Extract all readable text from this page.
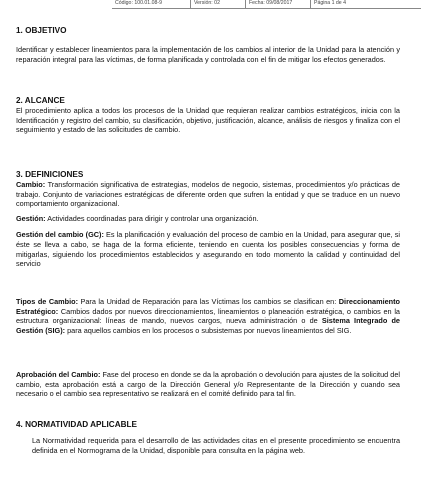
Código: 100.01.08-9	Versión: 02	Fecha: 09/08/2017	Página 1 de 4

1. OBJETIVO

Identificar y establecer lineamientos para la implementación de los cambios al interior de la Unidad para la atención y reparación integral para las víctimas, de forma planificada y controlada con el fin de mitigar los efectos generados.

2. ALCANCE

El procedimiento aplica a todos los procesos de la Unidad que requieran realizar cambios estratégicos, inicia con la Identificación y registro del cambio, su clasificación, objetivo, justificación, alcance, análisis de riesgos y finaliza con el seguimiento y estado de las solicitudes de cambio.

3. DEFINICIONES

Cambio: Transformación significativa de estrategias, modelos de negocio, sistemas, procedimientos y/o prácticas de trabajo. Conjunto de variaciones estratégicas de diferente orden que sufren la entidad y que se traduce en un nuevo comportamiento organizacional.

Gestión: Actividades coordinadas para dirigir y controlar una organización.

Gestión del cambio (GC): Es la planificación y evaluación del proceso de cambio en la Unidad, para asegurar que, si éste se lleva a cabo, se haga de la forma eficiente, teniendo en cuenta los posibles consecuencias y forma de mitigarlas, siguiendo los procedimientos establecidos y asegurando en todo momento la calidad y continuidad del servicio

Tipos de Cambio: Para la Unidad de Reparación para las Víctimas los cambios se clasifican en: Direccionamiento Estratégico: Cambios dados por nuevos direccionamientos, lineamientos o planeación estratégica, o cambios en la estructura organizacional: líneas de mando, nuevos cargos, nueva administración o de Sistema Integrado de Gestión (SIG): para aquellos cambios en los procesos o subsistemas por nuevos lineamientos del SIG.

Aprobación del Cambio: Fase del proceso en donde se da la aprobación o devolución para ajustes de la solicitud del cambio, esta aprobación está a cargo de la Dirección General y/o Representante de la Dirección y cuando sea necesario o el cambio sea representativo se realizará en el comité definido para tal fin.

4. NORMATIVIDAD APLICABLE

La Normatividad requerida para el desarrollo de las actividades citas en el presente procedimiento se encuentra definida en el Normograma de la Unidad, disponible para consulta en la página web.
